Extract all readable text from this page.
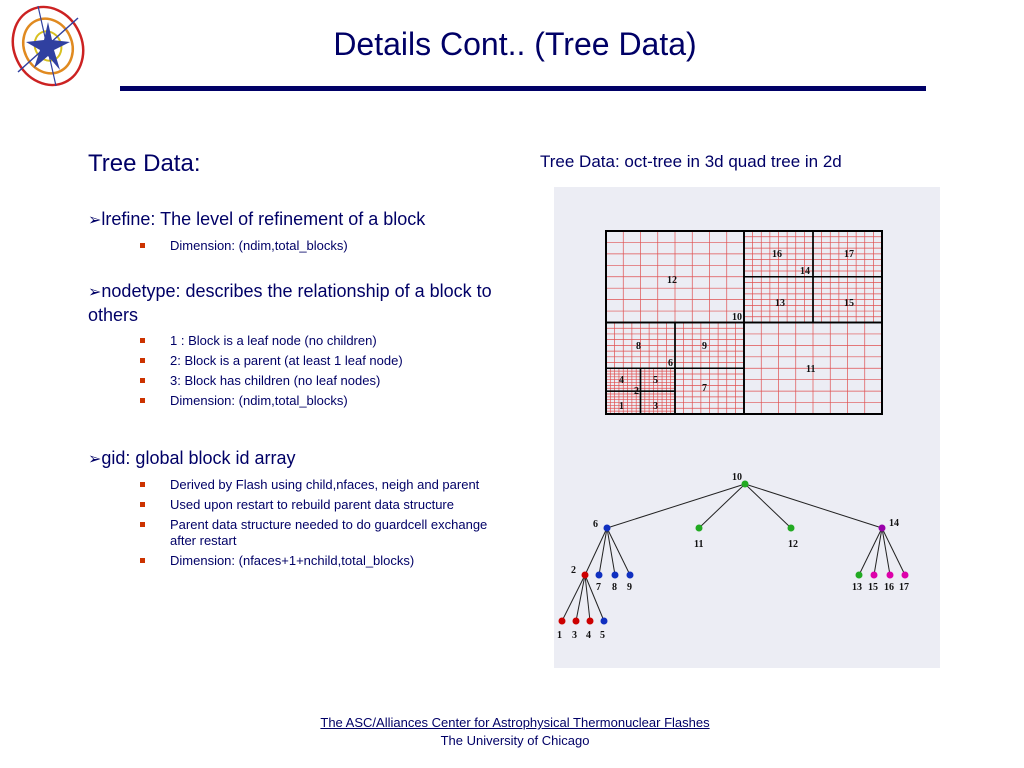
Details Cont.. (Tree Data)
Tree Data:

➢lrefine: The level of refinement of a block

Dimension: (ndim,total_blocks)

➢nodetype: describes the relationship of a block to others

1 : Block is a leaf node (no children)
2: Block is a parent (at least 1 leaf node)
3: Block has children (no leaf nodes)
Dimension: (ndim,total_blocks)

➢gid: global block id array

Derived by Flash using child,nfaces, neigh and parent
Used upon restart to rebuild parent data structure
Parent data structure needed to do guardcell exchange after restart
Dimension: (nfaces+1+nchild,total_blocks)
Tree Data: oct-tree in 3d quad tree in 2d
12
16	17
14
13	15
10
8	9
6
11
4	5
2	7
1	3
10
6
11	12
14
2
7 8 9	13 15 16 17
1 3 4 5
The ASC/Alliances Center for Astrophysical Thermonuclear Flashes
The University of Chicago
